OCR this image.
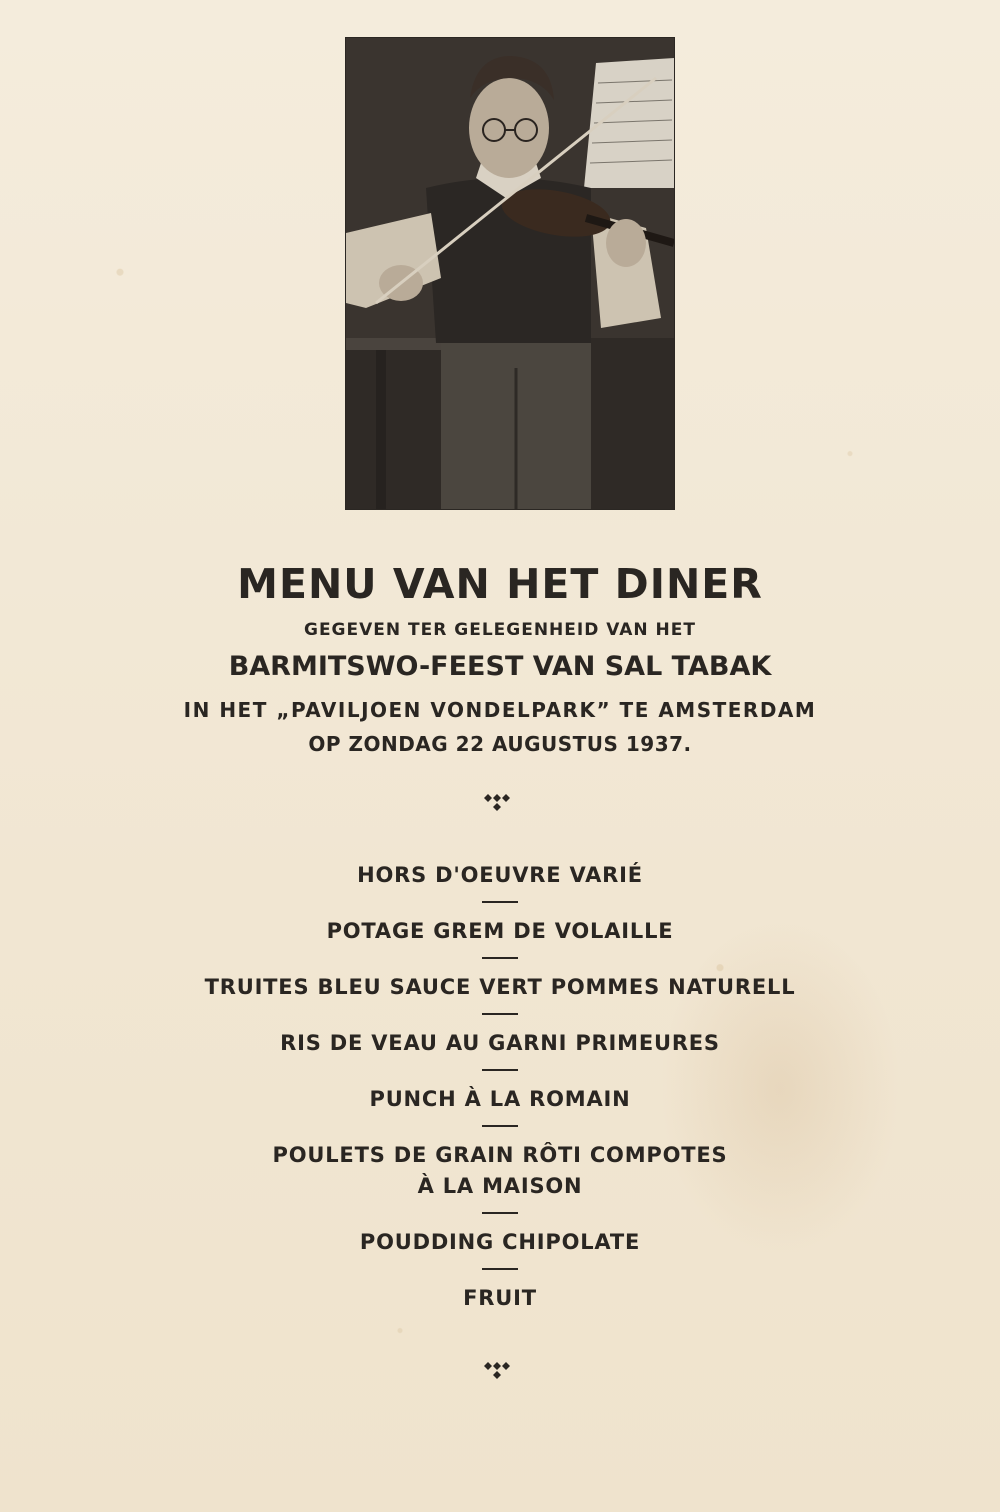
MENU VAN HET DINER
GEGEVEN TER GELEGENHEID VAN HET
BARMITSWO-FEEST VAN SAL TABAK
IN HET „PAVILJOEN VONDELPARK” TE AMSTERDAM
OP ZONDAG 22 AUGUSTUS 1937.
HORS D'OEUVRE VARIÉ
POTAGE GREM DE VOLAILLE
TRUITES BLEU SAUCE VERT POMMES NATURELL
RIS DE VEAU AU GARNI PRIMEURES
PUNCH À LA ROMAIN
POULETS DE GRAIN RÔTI COMPOTES
À LA MAISON
POUDDING CHIPOLATE
FRUIT
